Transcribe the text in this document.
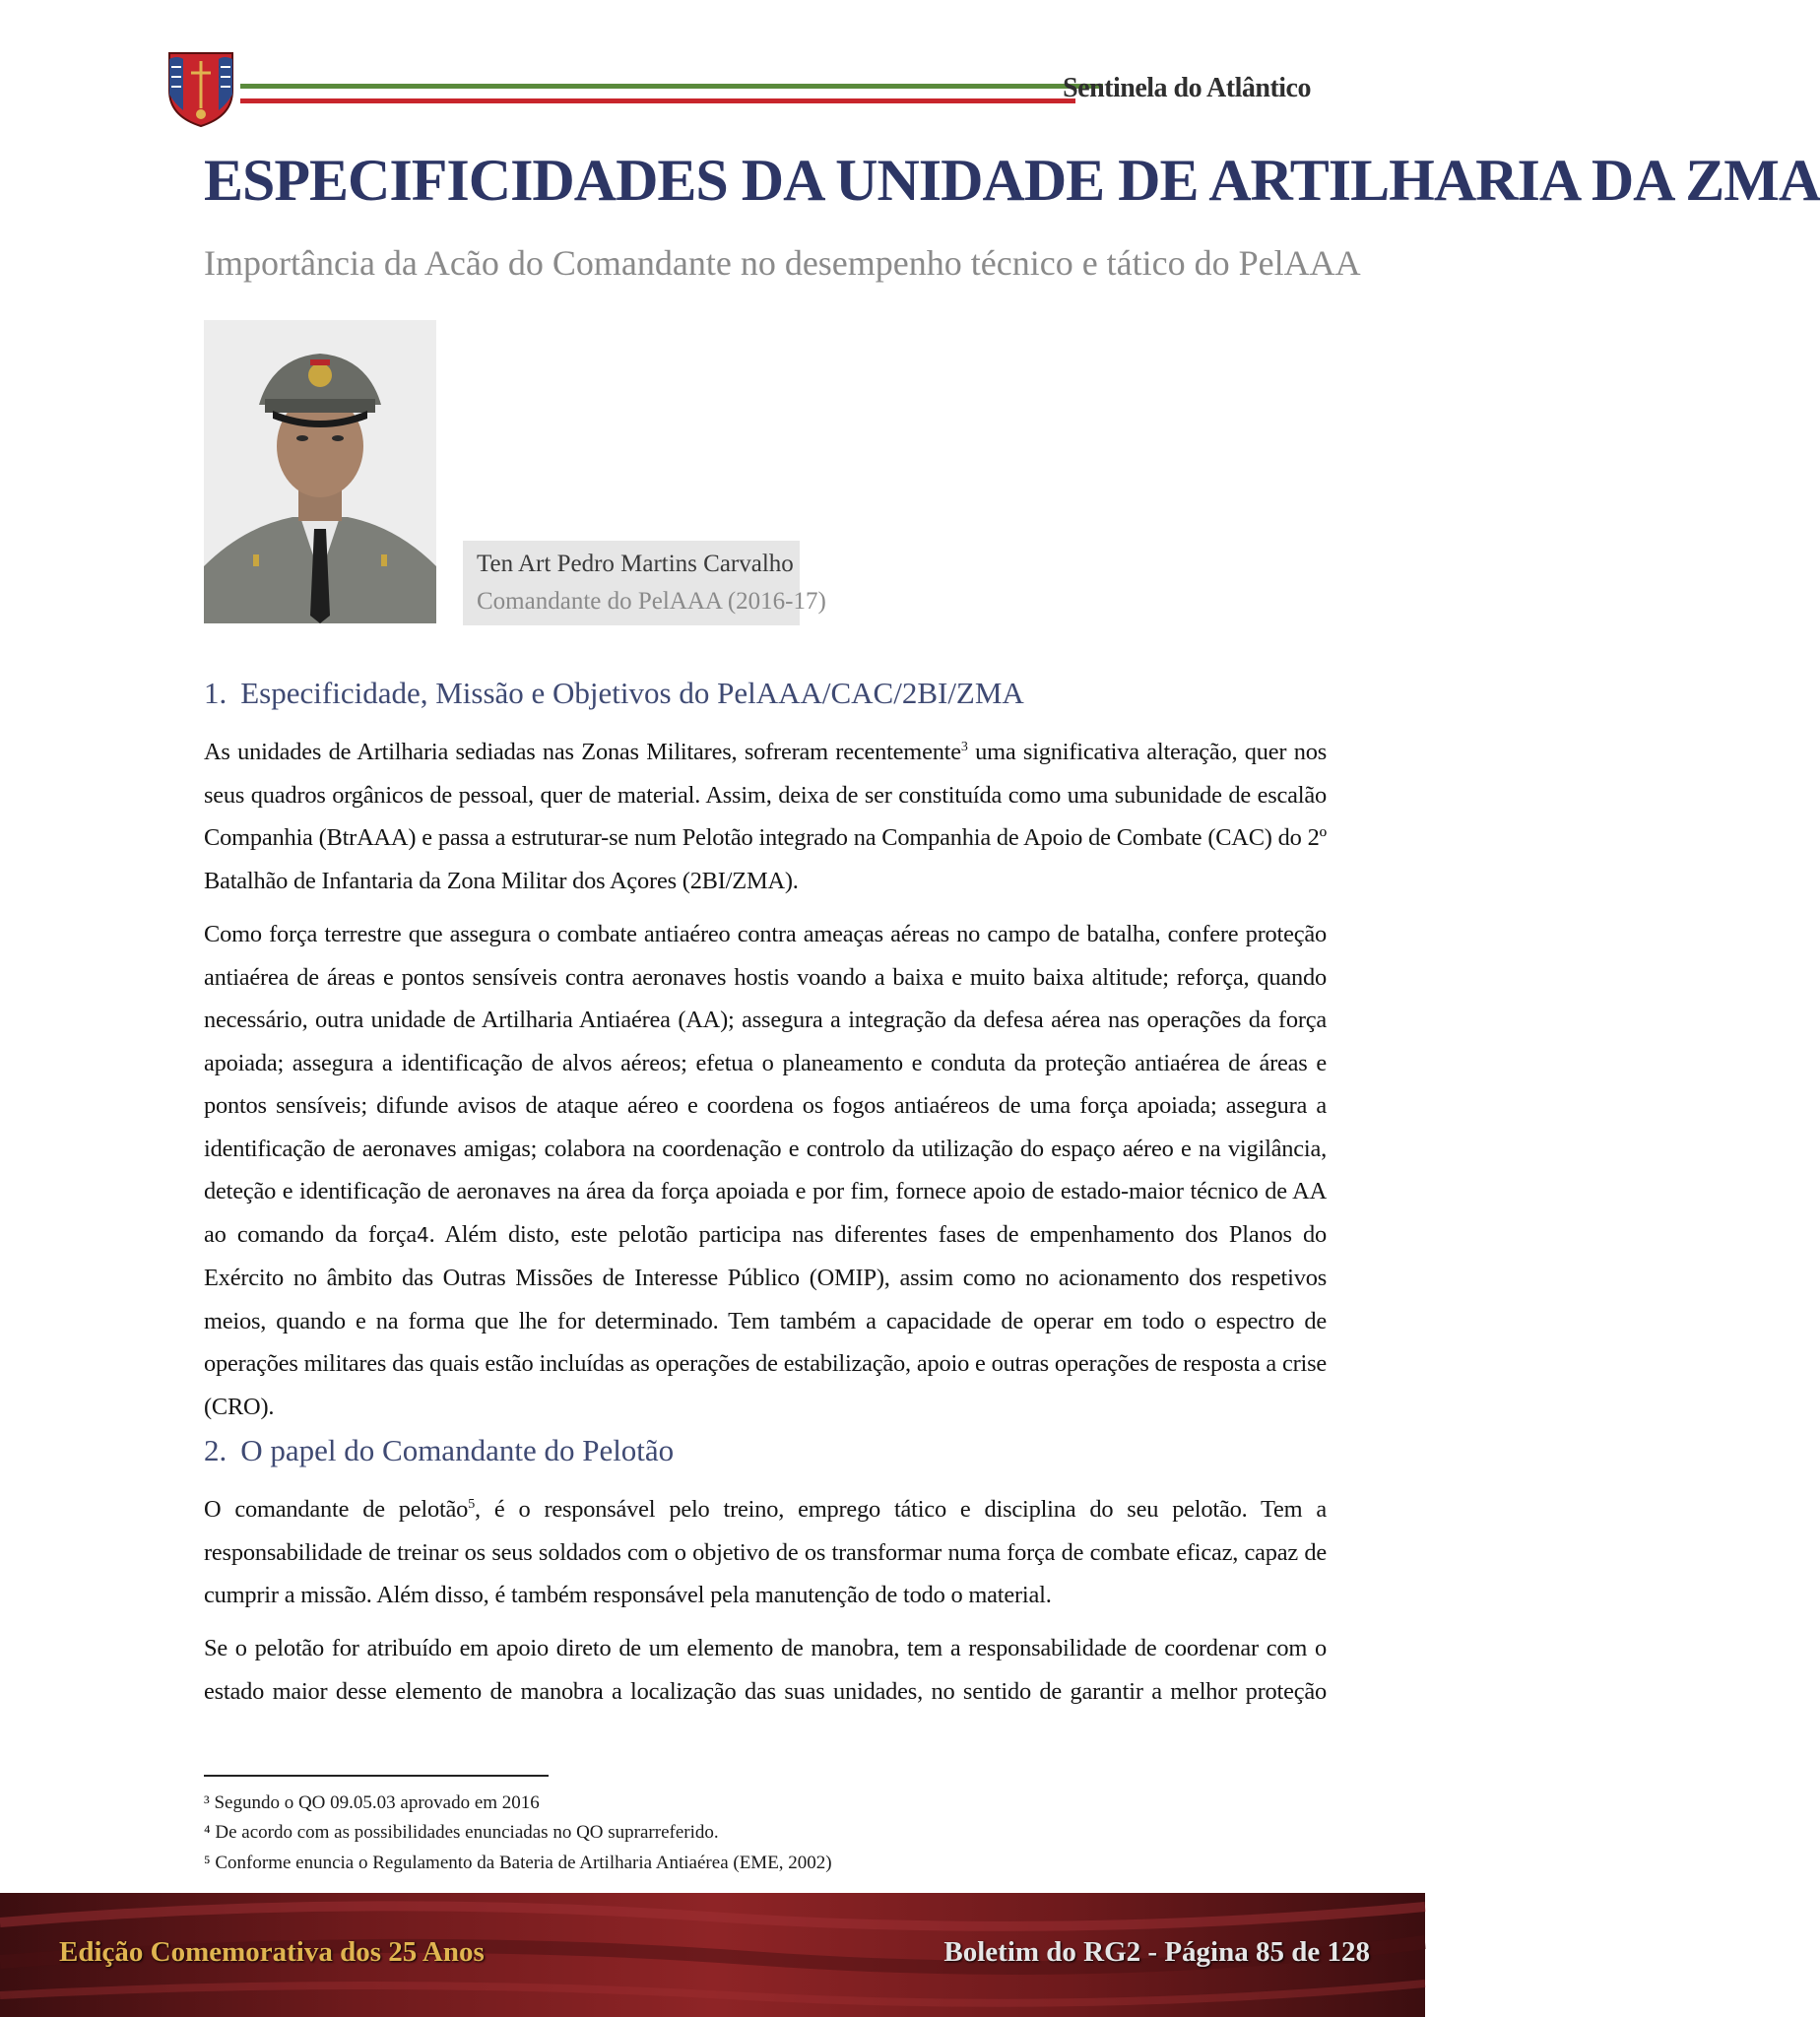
Sentinela do Atlântico
ESPECIFICIDADES DA UNIDADE DE ARTILHARIA DA ZMA
Importância da Acão do Comandante no desempenho técnico e tático do PelAAA
Ten Art Pedro Martins Carvalho
Comandante do PelAAA (2016-17)
1. Especificidade, Missão e Objetivos do PelAAA/CAC/2BI/ZMA
As unidades de Artilharia sediadas nas Zonas Militares, sofreram recentemente$^3$ uma significativa alteração, quer nos seus quadros orgânicos de pessoal, quer de material. Assim, deixa de ser constituída como uma subunidade de escalão Companhia (BtrAAA) e passa a estruturar-se num Pelotão integrado na Companhia de Apoio de Combate (CAC) do 2º Batalhão de Infantaria da Zona Militar dos Açores (2BI/ZMA).
Como força terrestre que assegura o combate antiaéreo contra ameaças aéreas no campo de batalha, confere proteção antiaérea de áreas e pontos sensíveis contra aeronaves hostis voando a baixa e muito baixa altitude; reforça, quando necessário, outra unidade de Artilharia Antiaérea (AA); assegura a integração da defesa aérea nas operações da força apoiada; assegura a identificação de alvos aéreos; efetua o planeamento e conduta da proteção antiaérea de áreas e pontos sensíveis; difunde avisos de ataque aéreo e coordena os fogos antiaéreos de uma força apoiada; assegura a identificação de aeronaves amigas; colabora na coordenação e controlo da utilização do espaço aéreo e na vigilância, deteção e identificação de aeronaves na área da força apoiada e por fim, fornece apoio de estado-maior técnico de AA ao comando da força4. Além disto, este pelotão participa nas diferentes fases de empenhamento dos Planos do Exército no âmbito das Outras Missões de Interesse Público (OMIP), assim como no acionamento dos respetivos meios, quando e na forma que lhe for determinado. Tem também a capacidade de operar em todo o espectro de operações militares das quais estão incluídas as operações de estabilização, apoio e outras operações de resposta a crise (CRO).
2. O papel do Comandante do Pelotão
O comandante de pelotão$^5$, é o responsável pelo treino, emprego tático e disciplina do seu pelotão. Tem a responsabilidade de treinar os seus soldados com o objetivo de os transformar numa força de combate eficaz, capaz de cumprir a missão. Além disso, é também responsável pela manutenção de todo o material.
Se o pelotão for atribuído em apoio direto de um elemento de manobra, tem a responsabilidade de coordenar com o estado maior desse elemento de manobra a localização das suas unidades, no sentido de garantir a melhor proteção
³ Segundo o QO 09.05.03 aprovado em 2016
⁴ De acordo com as possibilidades enunciadas no QO suprarreferido.
⁵ Conforme enuncia o Regulamento da Bateria de Artilharia Antiaérea (EME, 2002)
Edição Comemorativa dos 25 Anos	Boletim do RG2 - Página 85 de 128
